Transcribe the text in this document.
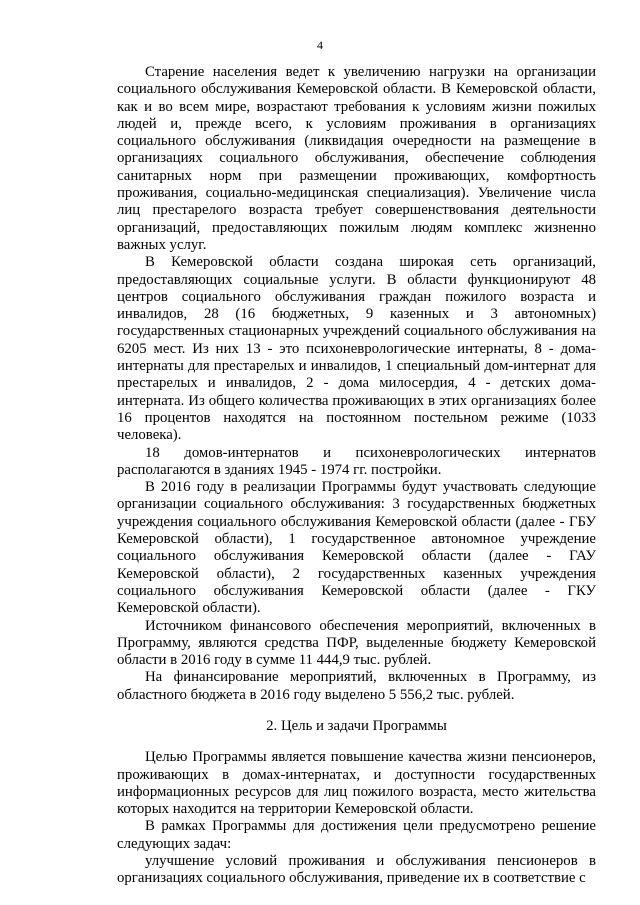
4

Старение населения ведет к увеличению нагрузки на организации социального обслуживания Кемеровской области. В Кемеровской области, как и во всем мире, возрастают требования к условиям жизни пожилых людей и, прежде всего, к условиям проживания в организациях социального обслуживания (ликвидация очередности на размещение в организациях социального обслуживания, обеспечение соблюдения санитарных норм при размещении проживающих, комфортность проживания, социально-медицинская специализация). Увеличение числа лиц престарелого возраста требует совершенствования деятельности организаций, предоставляющих пожилым людям комплекс жизненно важных услуг.

В Кемеровской области создана широкая сеть организаций, предоставляющих социальные услуги. В области функционируют 48 центров социального обслуживания граждан пожилого возраста и инвалидов, 28 (16 бюджетных, 9 казенных и 3 автономных) государственных стационарных учреждений социального обслуживания на 6205 мест. Из них 13 - это психоневрологические интернаты, 8 - дома-интернаты для престарелых и инвалидов, 1 специальный дом-интернат для престарелых и инвалидов, 2 - дома милосердия, 4 - детских дома-интерната. Из общего количества проживающих в этих организациях более 16 процентов находятся на постоянном постельном режиме (1033 человека).

18 домов-интернатов и психоневрологических интернатов располагаются в зданиях 1945 - 1974 гг. постройки.

В 2016 году в реализации Программы будут участвовать следующие организации социального обслуживания: 3 государственных бюджетных учреждения социального обслуживания Кемеровской области (далее - ГБУ Кемеровской области), 1 государственное автономное учреждение социального обслуживания Кемеровской области (далее - ГАУ Кемеровской области), 2 государственных казенных учреждения социального обслуживания Кемеровской области (далее - ГКУ Кемеровской области).

Источником финансового обеспечения мероприятий, включенных в Программу, являются средства ПФР, выделенные бюджету Кемеровской области в 2016 году в сумме 11 444,9 тыс. рублей.

На финансирование мероприятий, включенных в Программу, из областного бюджета в 2016 году выделено 5 556,2 тыс. рублей.

2. Цель и задачи Программы

Целью Программы является повышение качества жизни пенсионеров, проживающих в домах-интернатах, и доступности государственных информационных ресурсов для лиц пожилого возраста, место жительства которых находится на территории Кемеровской области.

В рамках Программы для достижения цели предусмотрено решение следующих задач:

улучшение условий проживания и обслуживания пенсионеров в организациях социального обслуживания, приведение их в соответствие с
